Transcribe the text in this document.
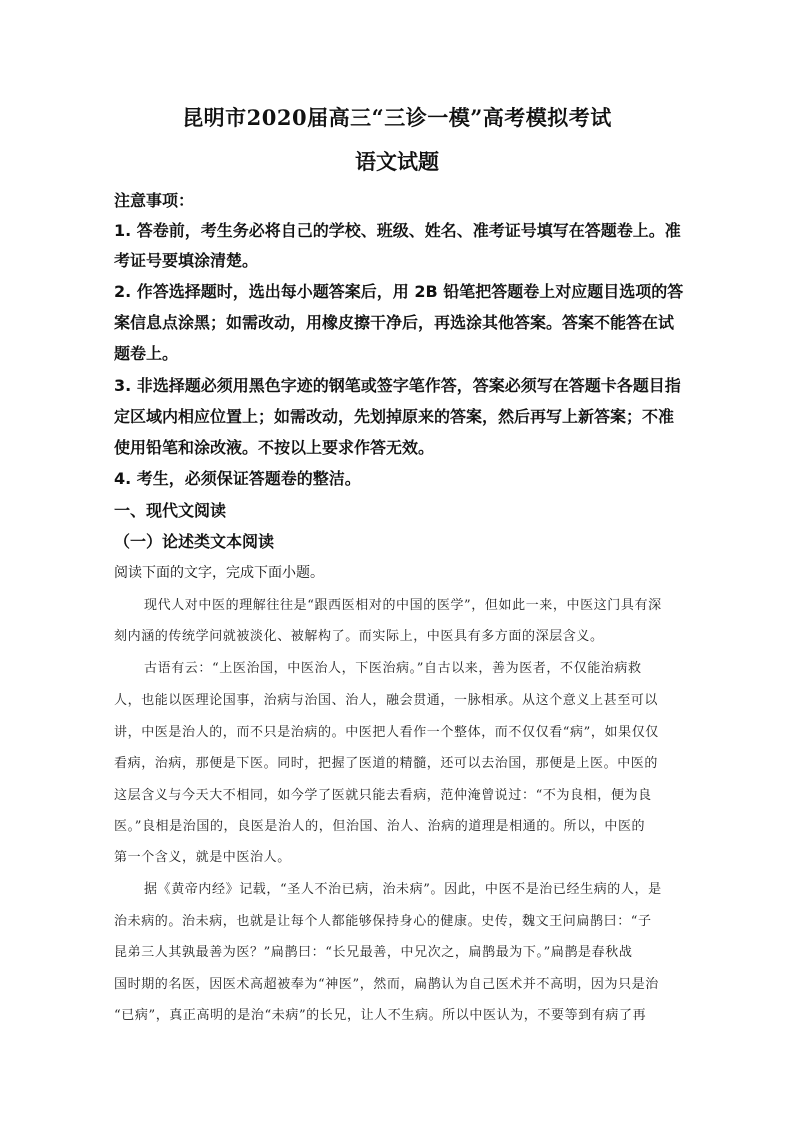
昆明市2020届高三“三诊一模”高考模拟考试
语文试题
注意事项：
1. 答卷前，考生务必将自己的学校、班级、姓名、准考证号填写在答题卷上。准
考证号要填涂清楚。
2. 作答选择题时，选出每小题答案后，用 2B 铅笔把答题卷上对应题目选项的答
案信息点涂黑；如需改动，用橡皮擦干净后，再选涂其他答案。答案不能答在试
题卷上。
3. 非选择题必须用黑色字迹的钢笔或签字笔作答，答案必须写在答题卡各题目指
定区域内相应位置上；如需改动，先划掉原来的答案，然后再写上新答案；不准
使用铅笔和涂改液。不按以上要求作答无效。
4. 考生，必须保证答题卷的整洁。
一、现代文阅读
（一）论述类文本阅读
阅读下面的文字，完成下面小题。
现代人对中医的理解往往是“跟西医相对的中国的医学”，但如此一来，中医这门具有深
刻内涵的传统学问就被淡化、被解构了。而实际上，中医具有多方面的深层含义。
古语有云：“上医治国，中医治人，下医治病。”自古以来，善为医者，不仅能治病救
人，也能以医理论国事，治病与治国、治人，融会贯通，一脉相承。从这个意义上甚至可以
讲，中医是治人的，而不只是治病的。中医把人看作一个整体，而不仅仅看“病”，如果仅仅
看病，治病，那便是下医。同时，把握了医道的精髓，还可以去治国，那便是上医。中医的
这层含义与今天大不相同，如今学了医就只能去看病，范仲淹曾说过：“不为良相，便为良
医。”良相是治国的，良医是治人的，但治国、治人、治病的道理是相通的。所以，中医的
第一个含义，就是中医治人。
据《黄帝内经》记载，“圣人不治已病，治未病”。因此，中医不是治已经生病的人，是
治未病的。治未病，也就是让每个人都能够保持身心的健康。史传，魏文王问扁鹊曰：“子
昆弟三人其孰最善为医？”扁鹊曰：“长兄最善，中兄次之，扁鹊最为下。”扁鹊是春秋战
国时期的名医，因医术高超被奉为“神医”，然而，扁鹊认为自己医术并不高明，因为只是治
“已病”，真正高明的是治“未病”的长兄，让人不生病。所以中医认为，不要等到有病了再
